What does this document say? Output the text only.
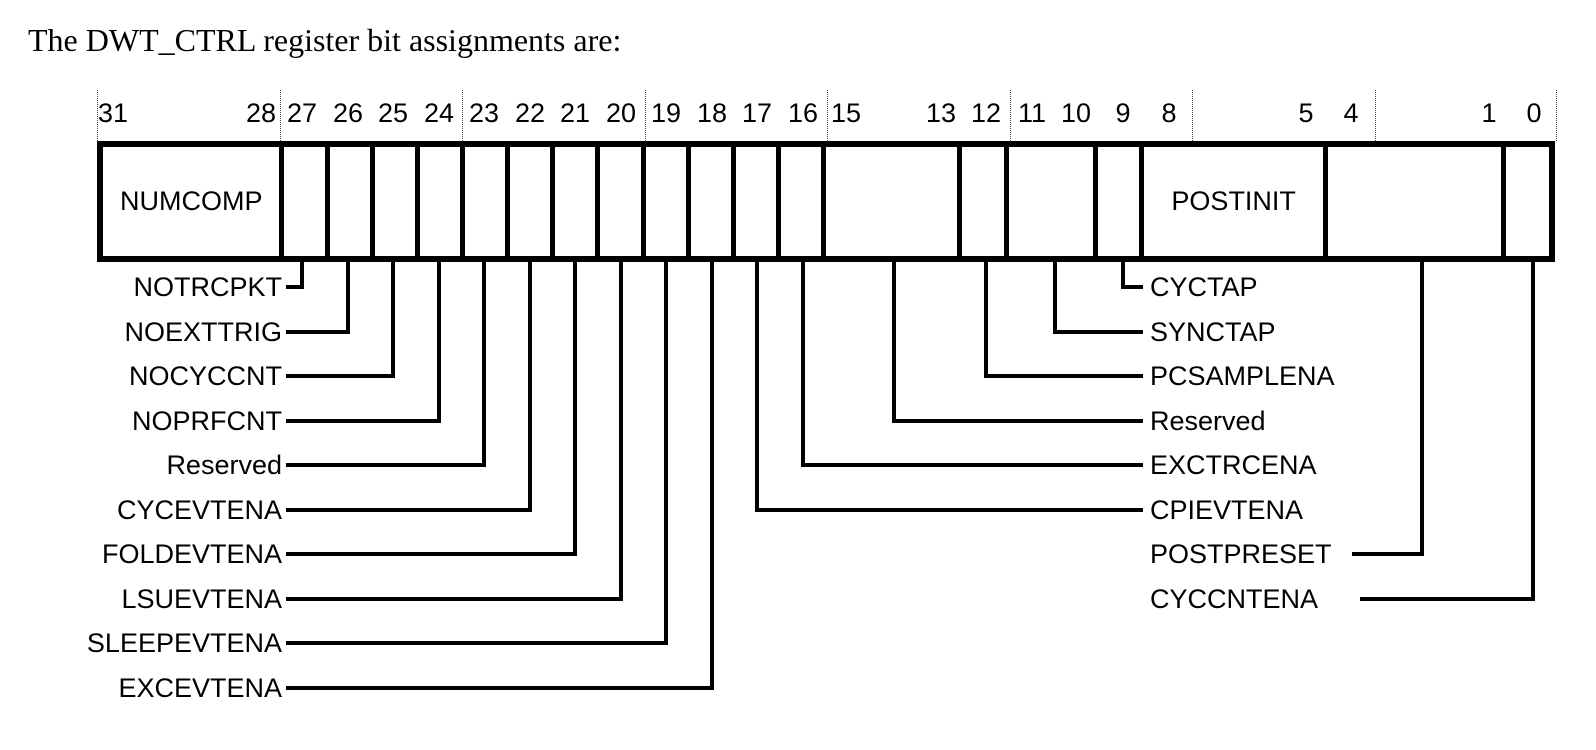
The DWT_CTRL register bit assignments are:
31	28 27 26 25 24 23 22 21 20 19 18 17 16 15 13 12 11 10 9 8	5 4	1 0
NUMCOMP	POSTINIT
NOTRCPKT
NOEXTTRIG
NOCYCCNT
NOPRFCNT
Reserved
CYCEVTENA
FOLDEVTENA
LSUEVTENA
SLEEPEVTENA
EXCEVTENA
CYCTAP
SYNCTAP
PCSAMPLENA
Reserved
EXCTRCENA
CPIEVTENA
POSTPRESET
CYCCNTENA
